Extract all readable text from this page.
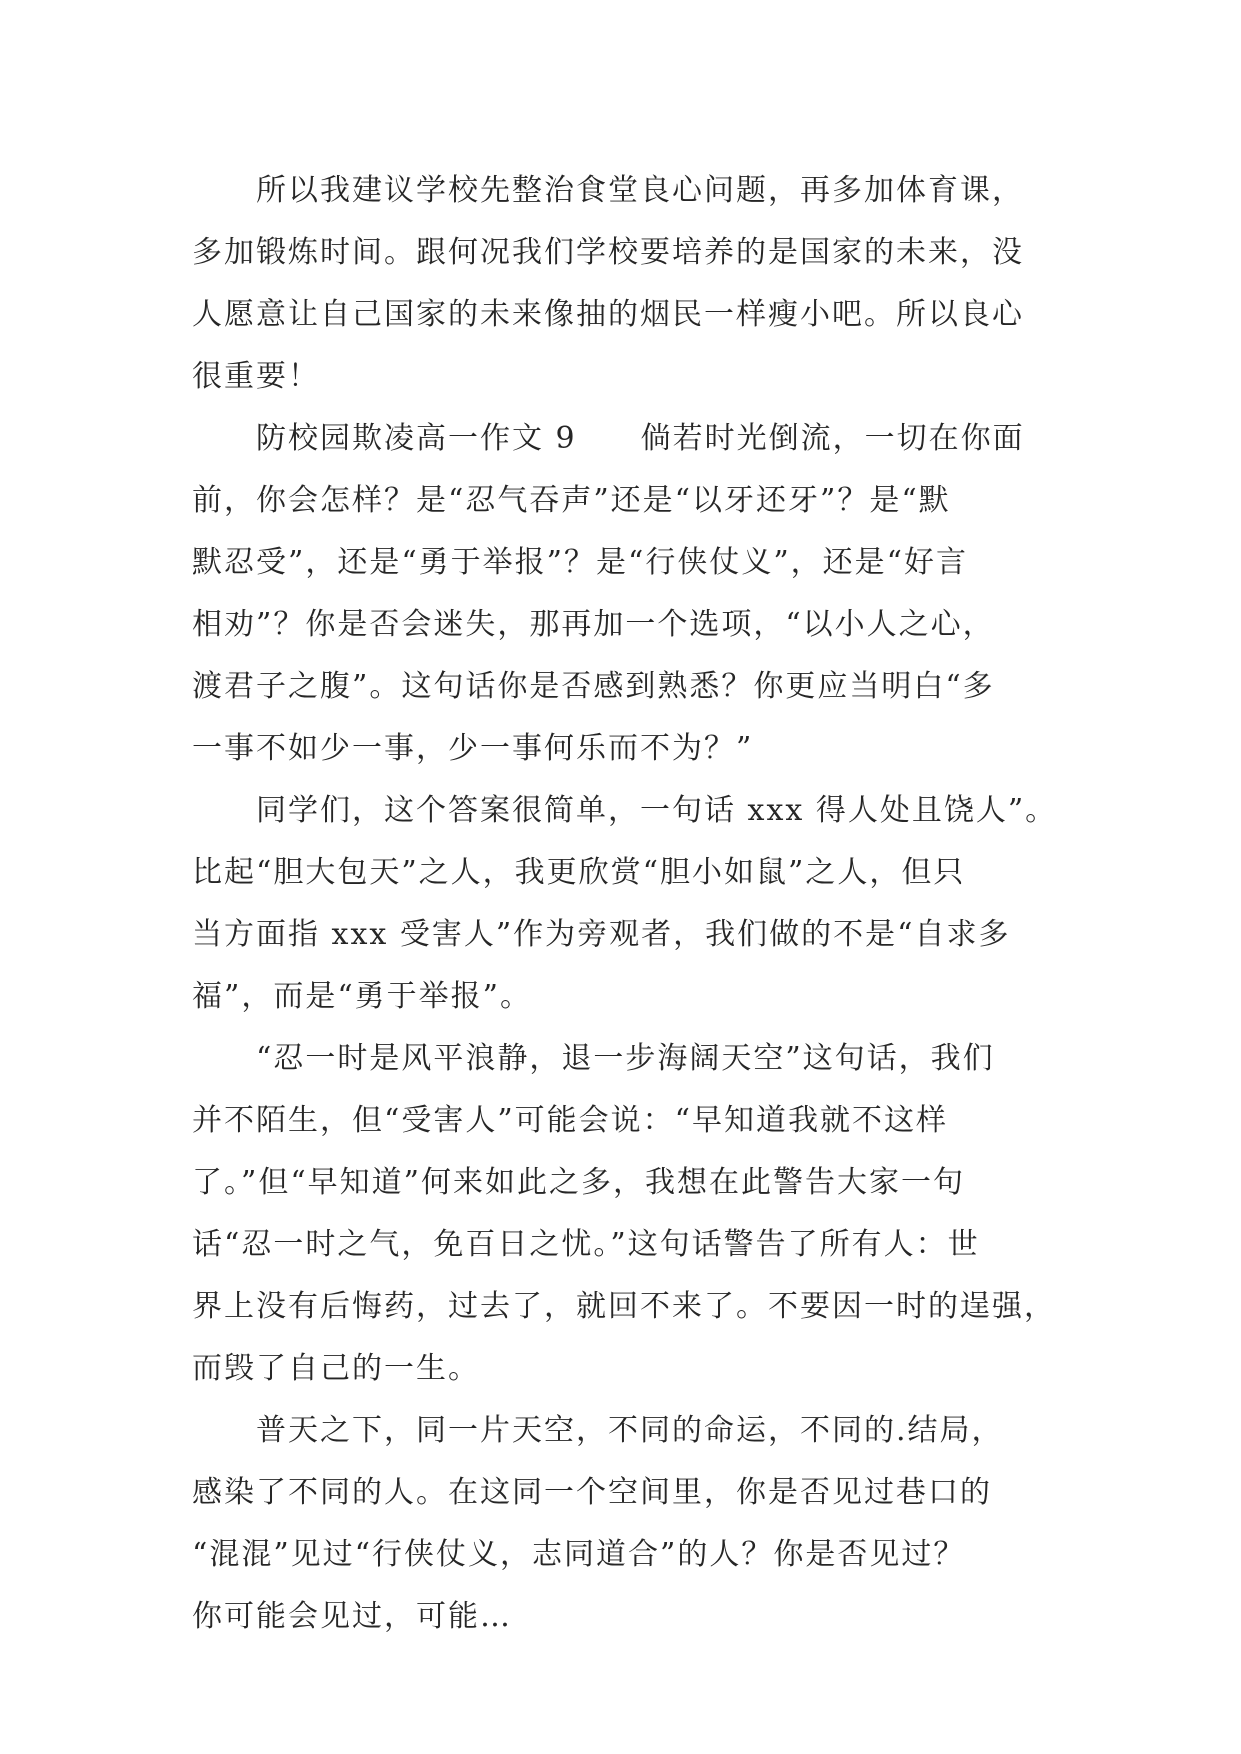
所以我建议学校先整治食堂良心问题，再多加体育课，
多加锻炼时间。跟何况我们学校要培养的是国家的未来，没
人愿意让自己国家的未来像抽的烟民一样瘦小吧。所以良心
很重要！
防校园欺凌高一作文 9　　倘若时光倒流，一切在你面
前，你会怎样？是“忍气吞声”还是“以牙还牙”？是“默
默忍受”，还是“勇于举报”？是“行侠仗义”，还是“好言
相劝”？你是否会迷失，那再加一个选项，“以小人之心，
渡君子之腹”。这句话你是否感到熟悉？你更应当明白“多
一事不如少一事，少一事何乐而不为？”
同学们，这个答案很简单，一句话 xxx 得人处且饶人”。
比起“胆大包天”之人，我更欣赏“胆小如鼠”之人，但只
当方面指 xxx 受害人”作为旁观者，我们做的不是“自求多
福”，而是“勇于举报”。
“忍一时是风平浪静，退一步海阔天空”这句话，我们
并不陌生，但“受害人”可能会说：“早知道我就不这样
了。”但“早知道”何来如此之多，我想在此警告大家一句
话“忍一时之气，免百日之忧。”这句话警告了所有人：世
界上没有后悔药，过去了，就回不来了。不要因一时的逞强，
而毁了自己的一生。
普天之下，同一片天空，不同的命运，不同的.结局，
感染了不同的人。在这同一个空间里，你是否见过巷口的
“混混”见过“行侠仗义，志同道合”的人？你是否见过？
你可能会见过，可能…
